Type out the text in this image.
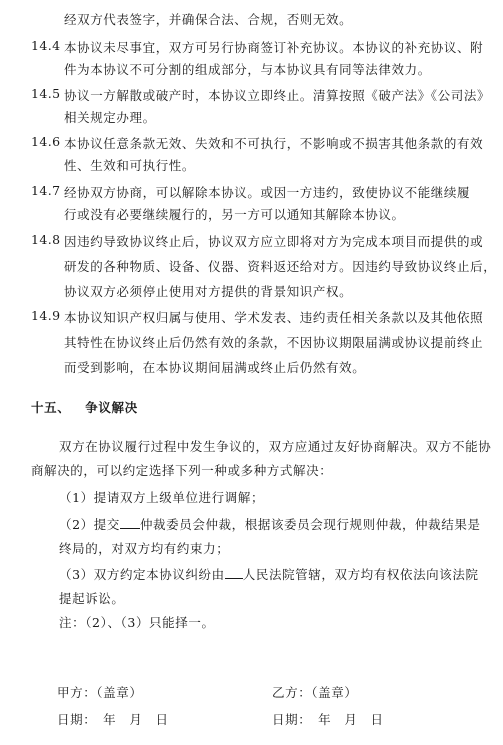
经双方代表签字，并确保合法、合规，否则无效。
14.4 本协议未尽事宜，双方可另行协商签订补充协议。本协议的补充协议、附
件为本协议不可分割的组成部分，与本协议具有同等法律效力。
14.5 协议一方解散或破产时，本协议立即终止。清算按照《破产法》《公司法》
相关规定办理。
14.6 本协议任意条款无效、失效和不可执行，不影响或不损害其他条款的有效
性、生效和可执行性。
14.7 经协双方协商，可以解除本协议。或因一方违约，致使协议不能继续履
行或没有必要继续履行的，另一方可以通知其解除本协议。
14.8 因违约导致协议终止后，协议双方应立即将对方为完成本项目而提供的或
研发的各种物质、设备、仪器、资料返还给对方。因违约导致协议终止后，
协议双方必须停止使用对方提供的背景知识产权。
14.9 本协议知识产权归属与使用、学术发表、违约责任相关条款以及其他依照
其特性在协议终止后仍然有效的条款，不因协议期限届满或协议提前终止
而受到影响，在本协议期间届满或终止后仍然有效。
十五、 争议解决
双方在协议履行过程中发生争议的，双方应通过友好协商解决。双方不能协
商解决的，可以约定选择下列一种或多种方式解决：
（1）提请双方上级单位进行调解；
（2）提交 仲裁委员会仲裁，根据该委员会现行规则仲裁，仲裁结果是
终局的，对双方均有约束力；
（3）双方约定本协议纠纷由 人民法院管辖，双方均有权依法向该法院
提起诉讼。
注：（2）、（3）只能择一。
甲方：（盖章）	乙方：（盖章）
日期：　年　月　日	日期：　年　月　日
